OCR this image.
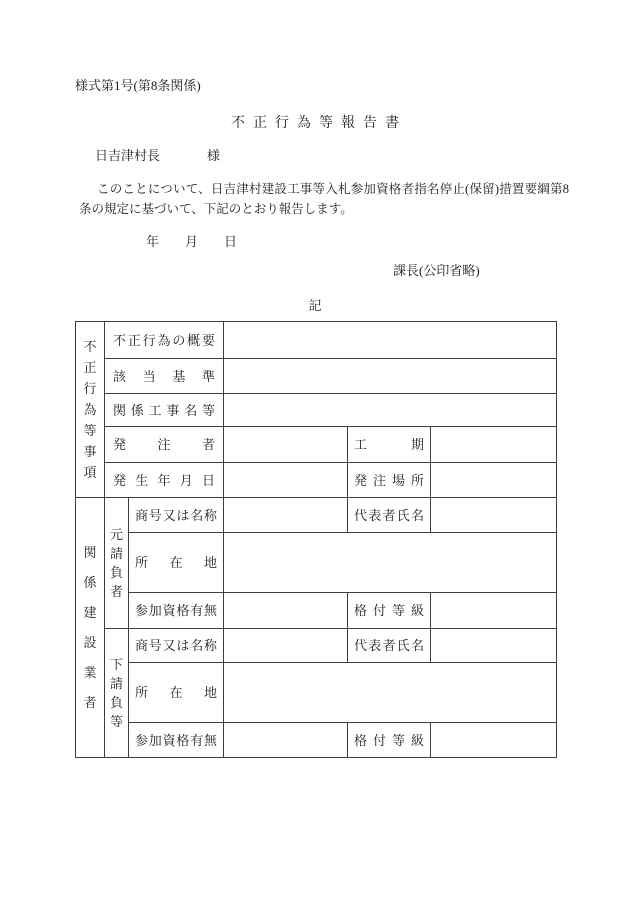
様式第1号(第8条関係)
不正行為等報告書
日吉津村長	様
このことについて、日吉津村建設工事等入札参加資格者指名停止(保留)措置要綱第8条の規定に基づいて、下記のとおり報告します。
年　　月　　日
課長(公印省略)
記
不
正
行
為
等
事
項

不 正 行 為 の 概 要

	該 当 基 準				

関 係 工 事 名 等

	発 注 者			工 期	

	発 生 年 月 日			発 注 場 所	

関
係
建
設
業
者

元
請
負
者

商 号 又 は 名 称		代 表 者 氏 名

		所 在 地			

参 加 資 格 有 無		格 付 等 級

下
請
負
等

商 号 又 は 名 称		代 表 者 氏 名

		所 在 地			

参 加 資 格 有 無		格 付 等 級
